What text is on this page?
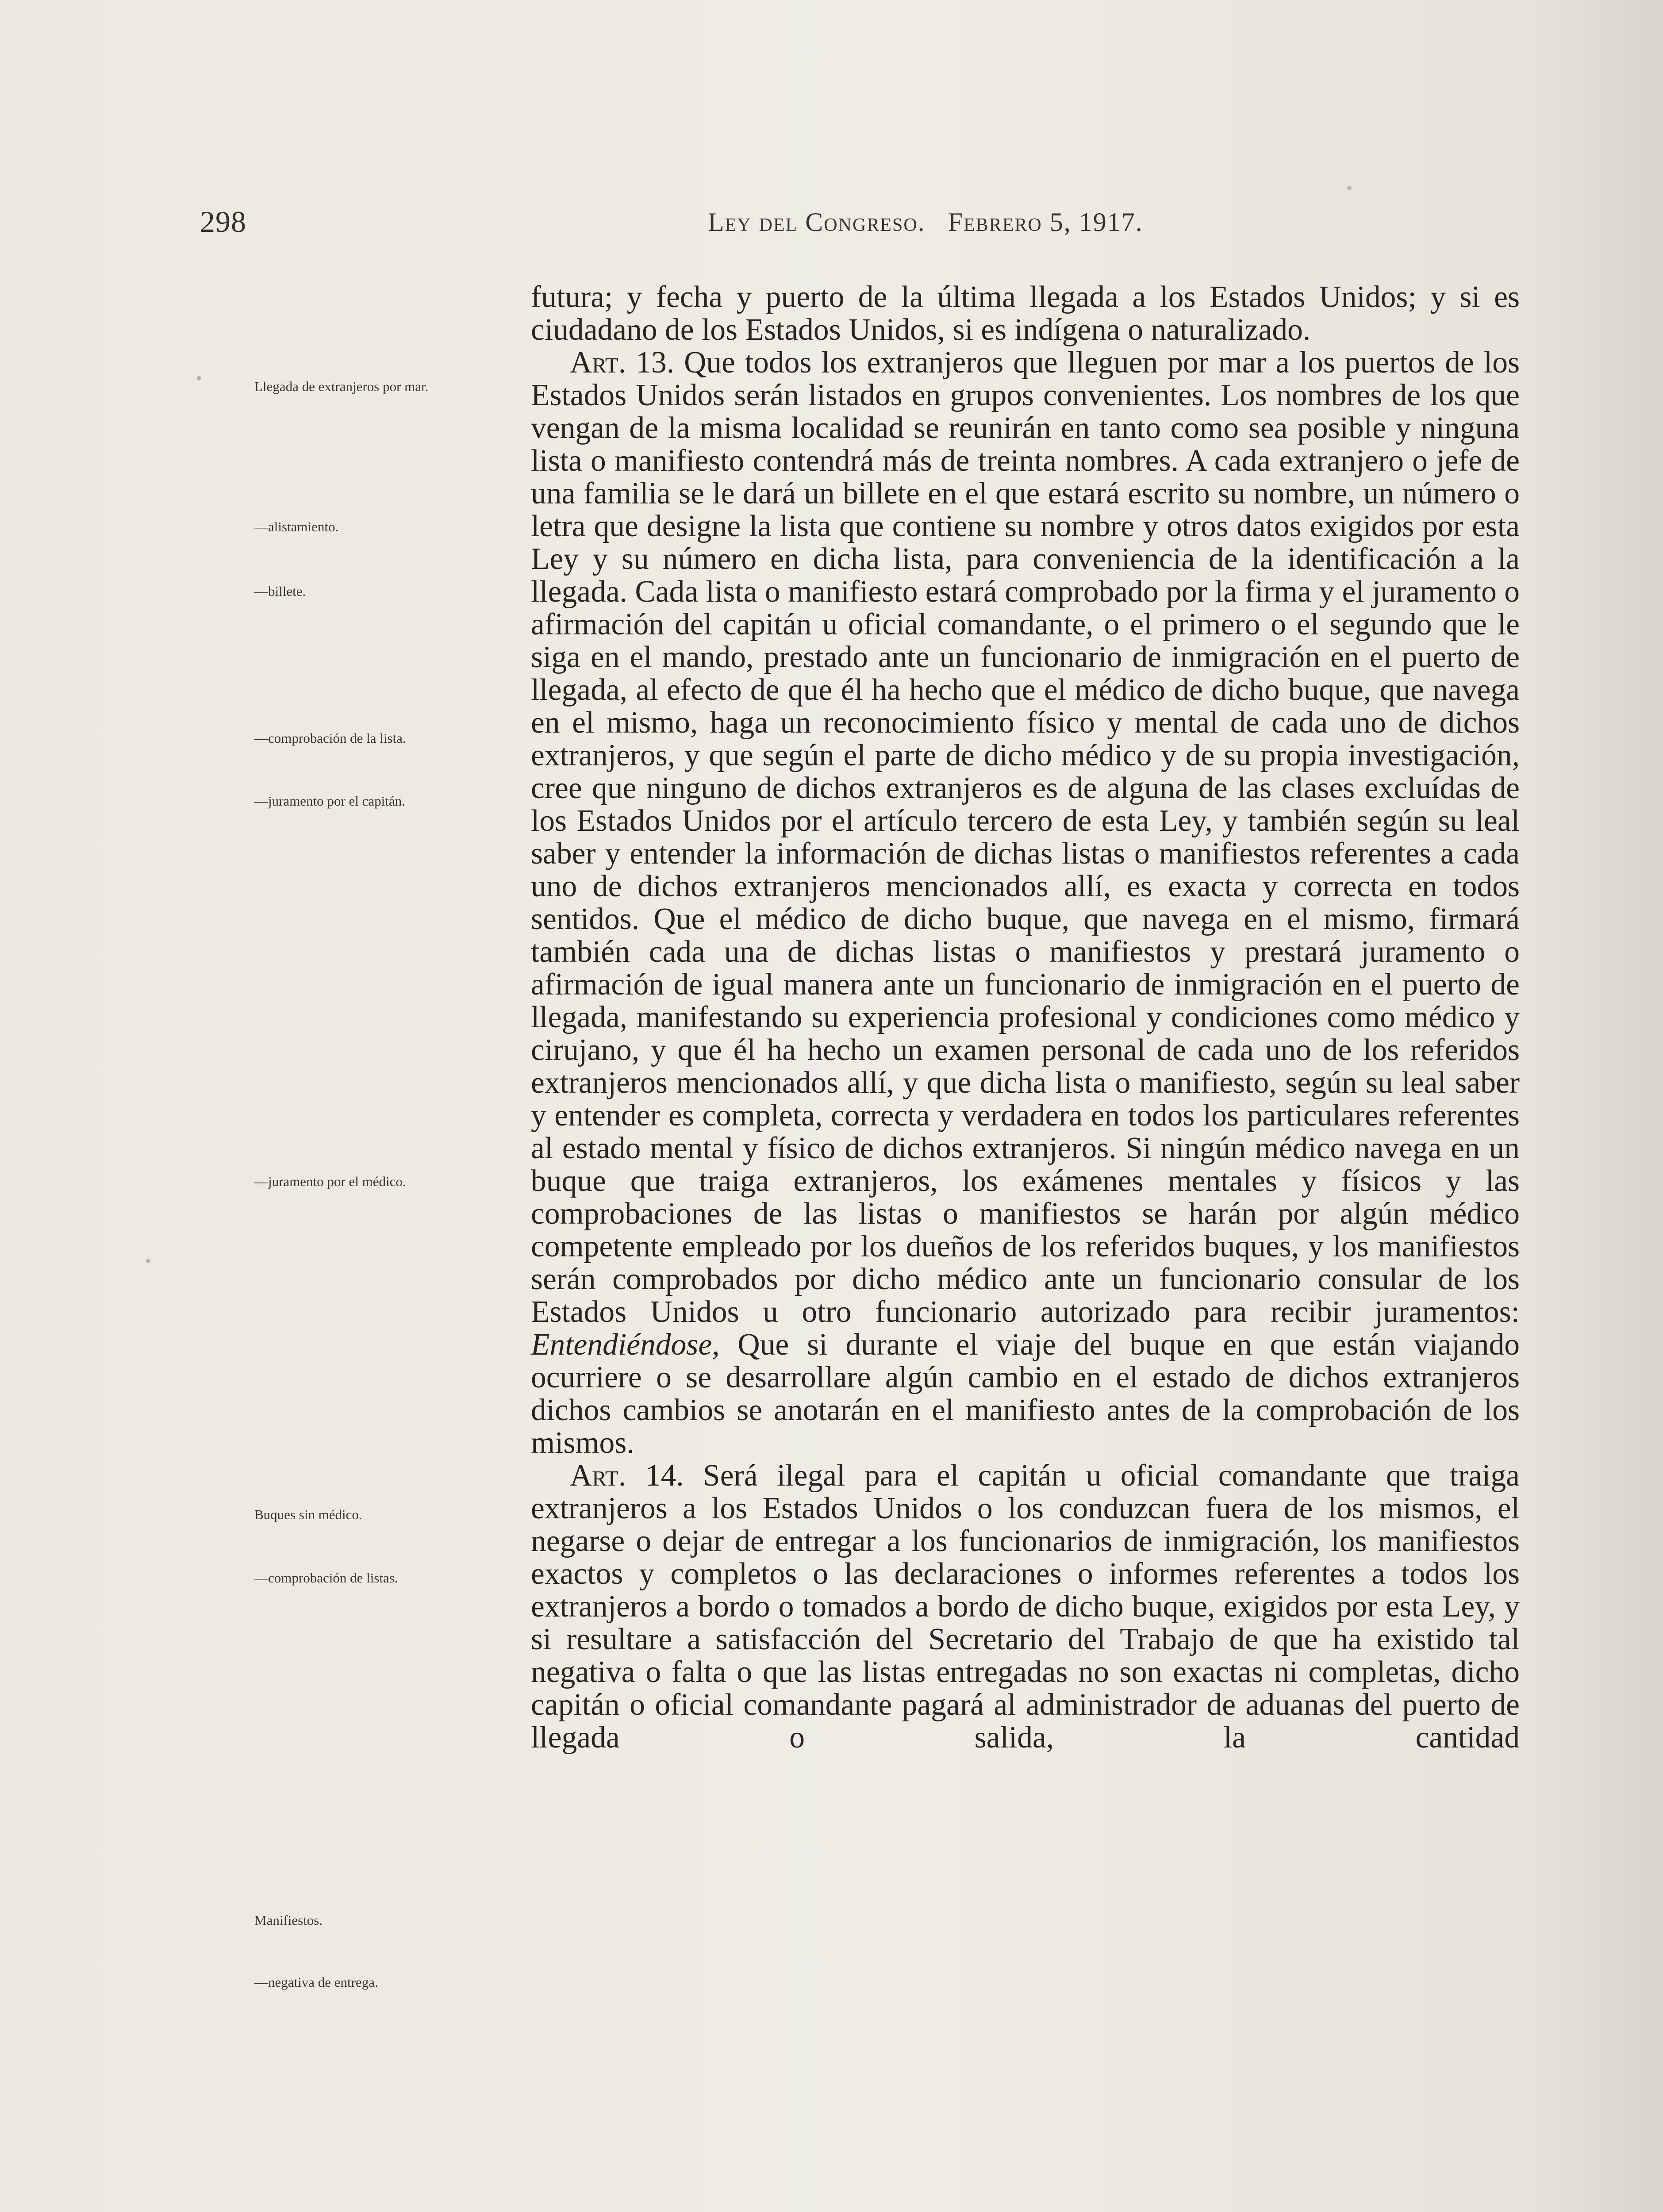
298	Ley del Congreso. Febrero 5, 1917.
Llegada de extranjeros por mar.
—alistamiento.
—billete.
—comprobación de la lista.
—juramento por el capitán.
—juramento por el médico.
Buques sin médico.
—comprobación de listas.
Manifiestos.
—negativa de entrega.

futura; y fecha y puerto de la última llegada a los Estados Unidos; y si es ciudadano de los Estados Unidos, si es indígena o naturalizado.

Art. 13. Que todos los extranjeros que lleguen por mar a los puertos de los Estados Unidos serán listados en grupos convenientes. Los nombres de los que vengan de la misma localidad se reunirán en tanto como sea posible y ninguna lista o manifiesto contendrá más de treinta nombres. A cada extranjero o jefe de una familia se le dará un billete en el que estará escrito su nombre, un número o letra que designe la lista que contiene su nombre y otros datos exigidos por esta Ley y su número en dicha lista, para conveniencia de la identificación a la llegada. Cada lista o manifiesto estará comprobado por la firma y el juramento o afirmación del capitán u oficial comandante, o el primero o el segundo que le siga en el mando, prestado ante un funcionario de inmigración en el puerto de llegada, al efecto de que él ha hecho que el médico de dicho buque, que navega en el mismo, haga un reconocimiento físico y mental de cada uno de dichos extranjeros, y que según el parte de dicho médico y de su propia investigación, cree que ninguno de dichos extranjeros es de alguna de las clases excluídas de los Estados Unidos por el artículo tercero de esta Ley, y también según su leal saber y entender la información de dichas listas o manifiestos referentes a cada uno de dichos extranjeros mencionados allí, es exacta y correcta en todos sentidos. Que el médico de dicho buque, que navega en el mismo, firmará también cada una de dichas listas o manifiestos y prestará juramento o afirmación de igual manera ante un funcionario de inmigración en el puerto de llegada, manifestando su experiencia profesional y condiciones como médico y cirujano, y que él ha hecho un examen personal de cada uno de los referidos extranjeros mencionados allí, y que dicha lista o manifiesto, según su leal saber y entender es completa, correcta y verdadera en todos los particulares referentes al estado mental y físico de dichos extranjeros. Si ningún médico navega en un buque que traiga extranjeros, los exámenes mentales y físicos y las comprobaciones de las listas o manifiestos se harán por algún médico competente empleado por los dueños de los referidos buques, y los manifiestos serán comprobados por dicho médico ante un funcionario consular de los Estados Unidos u otro funcionario autorizado para recibir juramentos: Entendiéndose, Que si durante el viaje del buque en que están viajando ocurriere o se desarrollare algún cambio en el estado de dichos extranjeros dichos cambios se anotarán en el manifiesto antes de la comprobación de los mismos.

Art. 14. Será ilegal para el capitán u oficial comandante que traiga extranjeros a los Estados Unidos o los conduzcan fuera de los mismos, el negarse o dejar de entregar a los funcionarios de inmigración, los manifiestos exactos y completos o las declaraciones o informes referentes a todos los extranjeros a bordo o tomados a bordo de dicho buque, exigidos por esta Ley, y si resultare a satisfacción del Secretario del Trabajo de que ha existido tal negativa o falta o que las listas entregadas no son exactas ni completas, dicho capitán o oficial comandante pagará al administrador de aduanas del puerto de llegada o salida, la cantidad
